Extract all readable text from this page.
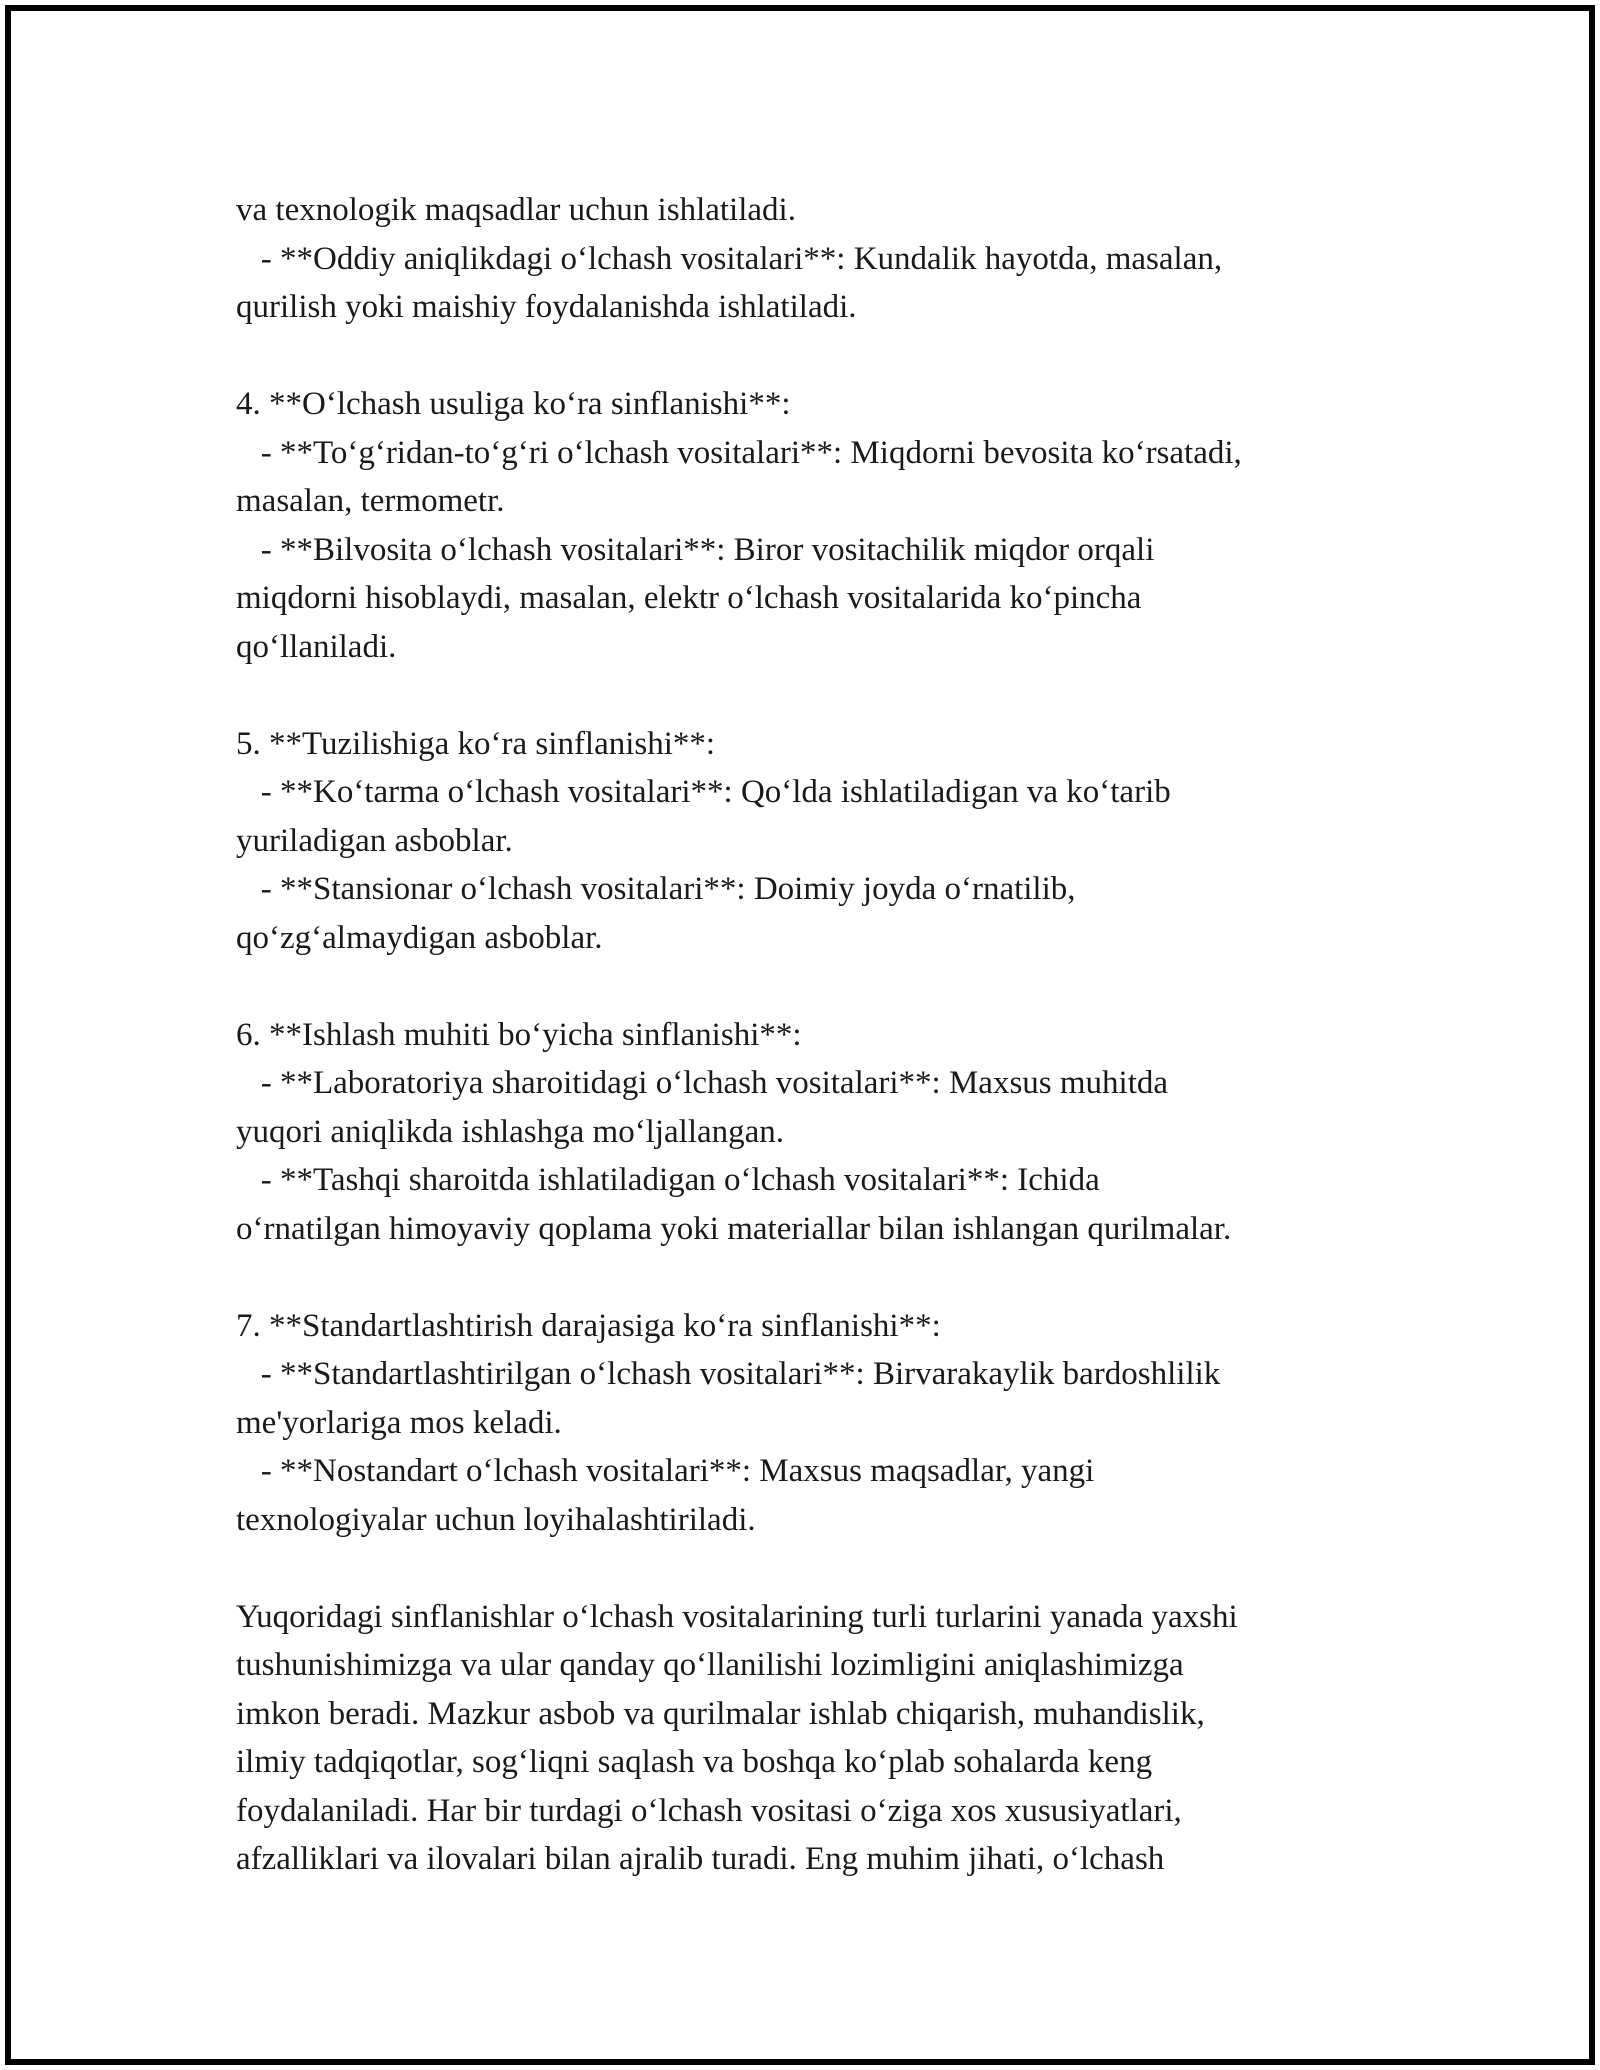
va texnologik maqsadlar uchun ishlatiladi.
- **Oddiy aniqlikdagi o‘lchash vositalari**: Kundalik hayotda, masalan,
qurilish yoki maishiy foydalanishda ishlatiladi.
4. **O‘lchash usuliga ko‘ra sinflanishi**:
- **To‘g‘ridan-to‘g‘ri o‘lchash vositalari**: Miqdorni bevosita ko‘rsatadi,
masalan, termometr.
- **Bilvosita o‘lchash vositalari**: Biror vositachilik miqdor orqali
miqdorni hisoblaydi, masalan, elektr o‘lchash vositalarida ko‘pincha
qo‘llaniladi.
5. **Tuzilishiga ko‘ra sinflanishi**:
- **Ko‘tarma o‘lchash vositalari**: Qo‘lda ishlatiladigan va ko‘tarib
yuriladigan asboblar.
- **Stansionar o‘lchash vositalari**: Doimiy joyda o‘rnatilib,
qo‘zg‘almaydigan asboblar.
6. **Ishlash muhiti bo‘yicha sinflanishi**:
- **Laboratoriya sharoitidagi o‘lchash vositalari**: Maxsus muhitda
yuqori aniqlikda ishlashga mo‘ljallangan.
- **Tashqi sharoitda ishlatiladigan o‘lchash vositalari**: Ichida
o‘rnatilgan himoyaviy qoplama yoki materiallar bilan ishlangan qurilmalar.
7. **Standartlashtirish darajasiga ko‘ra sinflanishi**:
- **Standartlashtirilgan o‘lchash vositalari**: Birvarakaylik bardoshlilik
me'yorlariga mos keladi.
- **Nostandart o‘lchash vositalari**: Maxsus maqsadlar, yangi
texnologiyalar uchun loyihalashtiriladi.
Yuqoridagi sinflanishlar o‘lchash vositalarining turli turlarini yanada yaxshi
tushunishimizga va ular qanday qo‘llanilishi lozimligini aniqlashimizga
imkon beradi. Mazkur asbob va qurilmalar ishlab chiqarish, muhandislik,
ilmiy tadqiqotlar, sog‘liqni saqlash va boshqa ko‘plab sohalarda keng
foydalaniladi. Har bir turdagi o‘lchash vositasi o‘ziga xos xususiyatlari,
afzalliklari va ilovalari bilan ajralib turadi. Eng muhim jihati, o‘lchash
